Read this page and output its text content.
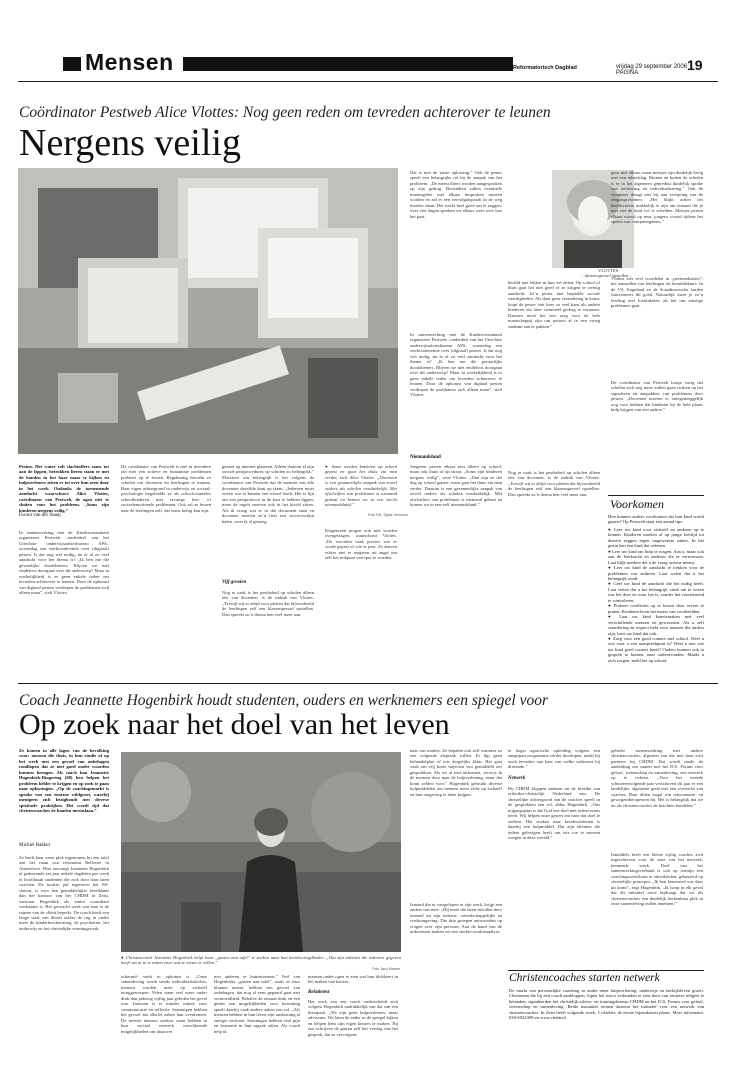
Mensen	Reformatorisch Dagblad	vrijdag 29 september 2006 PAGINA	19
Coördinator Pestweb Alice Vlottes: Nog geen reden om tevreden achterover te leunen
Nergens veilig
VLOTTES
…klassengevoel opstellen…
● Soms werden kinderen op school gepest en gaat het thuis via msn verder, stelt Alice Vlottes. „Docenten is een gezamenlijke aanpak van zowel ouders als scholen noodzakelijk. Met afschriften van problemen is niemand gebaat en komen we in een slecht niemandsland.”
Foto RD, Sjaak Verboom
Pesten. Het water rolt slachtoffers soms tot aan de lippen, betrokken lieren staan er met de handen in het haar maar te kijken en hulpverleners zitten er tot over hun oren door in het werk. Ondanks de toenemende aandacht waarschuwt Alice Vlottes, coördinator van Pestweb, de ogen niet te sluiten voor het probleem. „Soms zijn kinderen nergens veilig.”
Ewout van der Staaij
In samenwerking met de Kinderconsument organiseert Pestweb –onderdeel van het Utrechtse onderwijsadviesbureau APS– woensdag een werkconferentie over (digitaal) pesten. Is dat nog wel nodig, nu er al zo veel aandacht voor het thema is? „Ik ben me die gevaarlijke dooddoeners. Blijven we niet eindeloos doorgaan over dit onderwerp? Maar in werkelijkheid is er geen enkele reden om tevreden achterover te leunen. Door de opkomst van digitaal pesten verdiepen de problemen zich alleen maar”, stelt Vlottes.
De coördinator van Pestweb is niet in meerdere zin met een actieve en humaniste problemen probeert op te lossen. Regelmatig bezoekt ze scholen om docenten en leerlingen te trainen. Haar eigen achtergrond in onderwijs en sociaal-psychologie begeleidde ze als schoolcounselor schoolkinderen met ervarige leer- of sociaalemotionele problemen. Ook zal ze lessen naar de leerlingen zelf, dat soms heftig kan zijn.
genoot op internet plaatsen. Alleen daarom al zijn sociale pestprocedures op scholen zo belangrijk.” Massieve om belangrijk is het volgens de coördinator van Pestweb dat de mensen van alle docenten dezelfde kant op staan. „Iedereen moet weten wat er binnen een school heeft. Het is fijn om een pestprotocol in de kast te hebben liggen, maar de regels moeten ook in het hoofd zitten. Als ik vraag wat er in dat document staat en docenten moeten zo’n fiets erst trovoorschijn halen, weet ik al genoeg.
Vijf groeien
Nog te vaak is het pestbeleid op scholen alleen iets van docenten, is de indruk van Vlottes. „Terwijl wij er altijd voor pleiten dat bijvoorbeeld de leerlingen zelf een klassengevoel opstellen. Dan spreekt zo’n thema hen veel meer aan.
Klagenoten mogen ook niet worden overgeslagen, waarschuwt Vlottes. „De woorden vaak precies wie er wordt gepest of wie er pest. Ze durven echter niet te reageren uit angst om zelf het mikpunt van spot te worden.
Dat is niet de juiste oplossing.” Ook de pester speelt een belangrijke rol bij de aanpak van het probleem. „De meest direct worden aangesproken op zijn gedrag. Bovendien zullen eventuele maatregelen met elkaar besproken moeten worden en zal er een vervolgafspraak in de weg moeten staan. Het werkt heel goed om te zeggen: over vier dagen spreken we elkaar weer over hoe het gaat.
In samenwerking met de Kinderconsument organiseert Pestweb –onderdeel van het Utrechtse onderwijsadviesbureau APS– woensdag een werkconferentie over (digitaal) pesten. Is dat nog wel nodig, nu er al zo veel aandacht voor het thema is? „Ik ben me die gevaarlijke dooddoeners. Blijven we niet eindeloos doorgaan over dit onderwerp? Maar in werkelijkheid is er geen enkele reden om tevreden achterover te leunen. Door de opkomst van digitaal pesten verdiepen de problemen zich alleen maar”, stelt Vlottes.
Niemandsland
Jongeren pesten elkaar niet alleen op school, maar ook thuis of op straat. „Soms zijn kinderen nergens veilig”, weet Vlottes. „Dan zijn ze die dag op school gepest, maar gaat het thuis via msn verder. Daarom is een gezamenlijke aanpak van zowel ouders als scholen noodzakelijk. Met afschriften van problemen is niemand gebaat en komen we in een-zelf niemandsland.”
kerfild niet lekker in hun vel zitten. Op school of thuis gaat het niet goed of ze krijgen te weinig aandacht. Zo’n pester niet bepaalde sociale vaardigheden. Als daar geen verandering in komt, loopt de pester vier keer zo veel kans als andere kinderen om later crimineel gedrag te vertonen. Daarom moet het een zorg voor de hele maatschappij zijn om pesters al in een vroeg stadium aan te pakken.”
Nog te vaak is het pestbeleid op scholen alleen iets van docenten, is de indruk van Vlottes. „Terwijl wij er altijd voor pleiten dat bijvoorbeeld de leerlingen zelf een klassengevoel opstellen. Dan spreekt zo’n thema hen veel meer aan.
gens met elkaar, maar meisjes zijn duidelijk berig met een inhaalslag. Binnen en buiten de scholen is er in het algemeen gepredikt duidelijk sprake van verruwing en individualisering.” Ook de computer draagt niet bij aan verfijning van de omgangsvormen. „Het blijkt achter het beeldscherm makkelijk te zijn om iemand die je niet ziet de huid vol te schelden. Meisjes pesten elkaar vooral op msn, jongens vooral tijdens het spelen van computergames.”
Vlottes ziet veel voordelen in „peermediation”: het aanstellen van leerlingen als bemiddelaars. In de VS, Engeland en de Scandinavische landen functioneert dit goed. Natuurlijk moet je zo’n leerling niet loszkakelen als het om ernstige problemen gaat.
De coördinator van Pestweb hoopt vurig dat scholen zich nog meer zullen gaan richten op het signaleren en aanpakken van problemen door pesten. „Docenten moeten er ontegenzeggelijk oog voor hebben dat kinderen bij de hele plaats hulp krijgen van een andere.”
Voorkomen
Hoe kunnen ouders voorkomen dat hun kind wordt gepest? Op Pestweb staat een aantal tips.
● Leer uw kind voor zichzelf en anderen op te komen. Kinderen moeten al op jonge leeftijd tot durven zeggen tegen ongewenste zaken. In het gezin kan een kind dat oefenen.
● Leer uw kind om hulp te vragen. Aan u, maar ook aan de leerkracht en anderen die te vertrouwen. Laat blijk merken dat u de vraag serieus neemt.
● Leer uw kind de aandacht te trekken voor de problemen van anderen. Laat weten dat u het belangrijk vindt.
● Geef uw kind de aandacht die het nodig heeft. Laat weten dat u het belangrijk vindt om te weten wat het doet en waar het is, zonder het voortdurend te controleren.
● Probeer conflicten op te lossen door ervoer te praten. Kinderen leren het meest van voorbeelden.
● Laat uw kind kennismaken met veel verschillende mensen en gewoonten. Als u zelf waardering en respect hebt voor mensen die anders zijn, leert uw kind dat ook.
● Zorg voor een goed contact met school. Weet u wie voor u een aanspreekpunt is? Weet u met wie uw kind goed contact heeft? Ouders kunnen ook in gesprek te komen, naar ouderavonden. Maakt u zich zorgen, meld het op school.
Coach Jeannette Hogenbirk houdt studenten, ouders en werknemers een spiegel voor
Op zoek naar het doel van het leven
Ze komen in alle lagen van de bevolking voor: mensen die thuis, in hun studie of op het werk met een gevoel van onbehagen rondlopen dat ze niet goed onder woorden kunnen brengen. Als coach kan Jeannette Hogenbirk-Ringering (68) hen helpen het probleem helder te krijgen en op zoek te gaan naar oplossingen. „Op de coachingsmarkt is sprake van een enorme wildgroei, waarbij menigeen zich bezighoudt met diverse spirituele praktijken. Het wordt tijd dat christencoaches de handen ineenslaan.”
Michiel Bakker
Ze heeft haar vaste plek ingenomen bij een tafel aan het raam van restaurant Bellevue in Amersfoort. Hier ontvangt Jeannette Hogenbirk al geduwende zes jaar enkele dagdelen per week in hoofdzaak studenten die zich door haar laten coachen. De locatie, pal tegenover het NS-station, is voor hen gemakkelijker bereikbaar dan het kantoor van het CHDM in Zeist, vanwaar Hogenbirk als senior consultant werkzaam is. Het gecoacht werk van haar is de ruimte van de cliënt beperkt. De coach heeft een lange staat van dienst achter de rug in onder meer de kinderbescherming, de psychiatrie, het onderwijs en het christelijke vormingswerk.
● Christencoach Jeannette Hogenbirk helpt haar „gasten aan tafel” te zoeken naar hun kernbevoegdheden. „Dat zijn talenten die iedereen gegeven heeft om ze in te zetten voor wat ze nieuw te willen.”
Foto Jaco Klamer
schermd- werk in opkomst is. „Onze samenleving wordt steeds individualistischer, mensen worden meer op zichzelf teruggeworpen. Velen staan veel meer onder druk dan pakweg vijftig jaar geleden het geval was. Intussen is er minder ruimte voor communicatie en reflectie. Sommigen hebben het gevoel dat allerlei zaken hun overkomen. De meeste mensen zoeken, maar hebben in hun sociaal netwerk onvoldoende mogelijkheden om daarover
met anderen te brainstormen.” Veel van Hogenbirks „gasten aan tafel”, zoals ze haar klanten noemt, hebben een gevoel van onbehagen, dat nog al eens gepaard gaat met vermoeidheid. Behalve de ernaast druk en een gemis aan mogelijkheden voor bezinning speelt daarbij vaak andere zaken een rol. „Als mensen hebben in hun leven zijn omkoming al energie verloren. Sommigen hebben veel pijn en frustratie in hun rugzak zitten. Als coach help ik
mensen onder ogen te zien wat hun blokkeert in het maken van keuzes.
Relatietest
Het werk van een coach onderscheidt zich volgens Hogenbirk nadrukkelijk van dat van een therapeut. „We zijn geen hulpverleners, maar adviseurs. We laten de ander in de spiegel kijken en helpen hem zijn eigen keuzes te maken. Bij ons schrijven de gasten zelf het verslag van het gesprek, dat ze vervolgens
naar ons mailen. Ze bepalen ook zelf wanneer ze een volgende afspraak willen. Er ligt geen behandelplan of iets dergelijks klaar. Het gaat vaak om vrij korte trajecten van gemiddeld zes gesprekken. Als we al niet uitkomen, verwijs ik de mensen door naar de hulpverlening, maar dat komt zelden voor.” Hogenbirk gebruikt diverse hulpmiddelen om mensen meer zicht op zichzelf en hun omgeving te laten krijgen.
Iemand die in vastgelopen in zijn werk, krijgt een andere test mee. „Hij moet die laten invullen door iemand uit zijn intieme, vriendschappelijke en werkomgeving. Die drie groepen antwoorden op vragen over zijn persoon. Aan de hand van de uitkomsten maken we een sterkte-zwakteanalyse.
te hoger agrarische opleiding volgens een aangepast programma verder doorlopen, nadat hij ouch tevreden aan haar van welke toekomst hij droomde.”
Netwerk
Bij CHDM kloppen mensen uit de breedte van orthodox-christelijk Nederland aan. De christelijke achtergrond van de coaches speelt in de gesprekken een rol, aldus Hogenbirk. „Ons uitgangspunt is dat God een doel met iedere mens heeft. Wij helpen onze gasten om naar dat doel te zoeken. Het zoeken naar kernkwaliteiten is daarbij een hulpmiddel. Dat zijn talenten die iedere gelovigen heeft om iets toe te moeten voegen in deze wereld.”
gebrekt samenwerking met andere christencoaches, afgezien van die met haar echt partners bij CHDM. Dat wordt mede de aanleiding om samen met het ICS. Forum voor geloof, wetenschap en samenleving, een netwerk op te richten. „Voor het tweede schitterenvolgende jaar verschoven dit jaar er een landelijke, algemene geda met een overzicht van coaches. Daar dilten nogal wat reincarnatie- en gewogentherapeuten bij. Het is belangrijk dat we nu als christencoaches de krachten bundelen.”
Inmiddels heeft een kleine vijftig coaches zich ingeschreven voor de start van het netwerk, kennende week. Doel van het samenwerkingsverband is ook op termijn een coachingscertificaat te ontwikkelen, gebaseerd op christelijke principes. „Ik ben benieuwd wat daar uit komt”, zegt Hogenbirk. „Ik hoop in elk geval dat dit initiatief ertoe bijdraagt dat we als christencoaches een duidelijk herkenbaar plek in onze samenleving zullen innemen.”
Christencoaches starten netwerk
De markt van persoonlijke coaching in onder meer hulpverlening, onderwijs en bedrijfsleven groeit. Christenen die bij een coach aankloppen, lopen het risico verbonden te zien door van esoterse religies te belanden, signaleerden het christelijk advies- en trainingsbureau CHDM en het ICS, Forum voor geloof, wetenschap en samenleving. Beide instanties nemen daarom het initiatief voor een netwerk van christencoaches. In Zeist heeft volgende week, 5 oktober, de eerste bijeenkomst plaats. Meer informatie: 030-6922398 en www.chdm.nl.
